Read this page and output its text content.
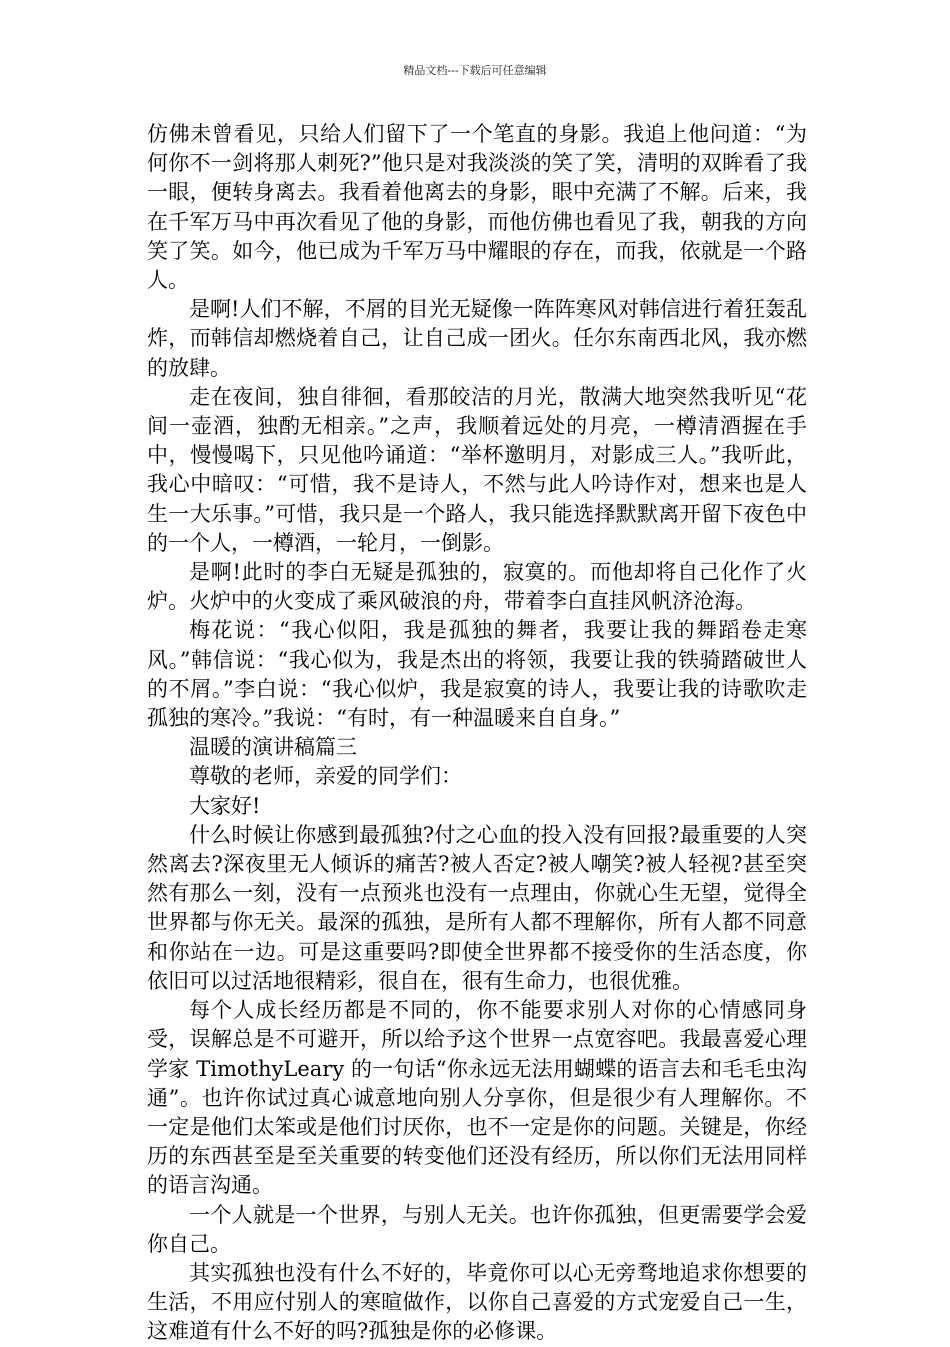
精品文档---下载后可任意编辑

仿佛未曾看见，只给人们留下了一个笔直的身影。我追上他问道：“为何你不一剑将那人刺死?”他只是对我淡淡的笑了笑，清明的双眸看了我一眼，便转身离去。我看着他离去的身影，眼中充满了不解。后来，我在千军万马中再次看见了他的身影，而他仿佛也看见了我，朝我的方向笑了笑。如今，他已成为千军万马中耀眼的存在，而我，依就是一个路人。

是啊!人们不解，不屑的目光无疑像一阵阵寒风对韩信进行着狂轰乱炸，而韩信却燃烧着自己，让自己成一团火。任尔东南西北风，我亦燃的放肆。

走在夜间，独自徘徊，看那皎洁的月光，散满大地突然我听见“花间一壶酒，独酌无相亲。”之声，我顺着远处的月亮，一樽清酒握在手中，慢慢喝下，只见他吟诵道：“举杯邀明月，对影成三人。”我听此，我心中暗叹：“可惜，我不是诗人，不然与此人吟诗作对，想来也是人生一大乐事。”可惜，我只是一个路人，我只能选择默默离开留下夜色中的一个人，一樽酒，一轮月，一倒影。

是啊!此时的李白无疑是孤独的，寂寞的。而他却将自己化作了火炉。火炉中的火变成了乘风破浪的舟，带着李白直挂风帆济沧海。

梅花说：“我心似阳，我是孤独的舞者，我要让我的舞蹈卷走寒风。”韩信说：“我心似为，我是杰出的将领，我要让我的铁骑踏破世人的不屑。”李白说：“我心似炉，我是寂寞的诗人，我要让我的诗歌吹走孤独的寒冷。”我说：“有时，有一种温暖来自自身。”

温暖的演讲稿篇三

尊敬的老师，亲爱的同学们：

大家好!

什么时候让你感到最孤独?付之心血的投入没有回报?最重要的人突然离去?深夜里无人倾诉的痛苦?被人否定?被人嘲笑?被人轻视?甚至突然有那么一刻，没有一点预兆也没有一点理由，你就心生无望，觉得全世界都与你无关。最深的孤独，是所有人都不理解你，所有人都不同意和你站在一边。可是这重要吗?即使全世界都不接受你的生活态度，你依旧可以过活地很精彩，很自在，很有生命力，也很优雅。

每个人成长经历都是不同的，你不能要求别人对你的心情感同身受，误解总是不可避开，所以给予这个世界一点宽容吧。我最喜爱心理学家 TimothyLeary 的一句话“你永远无法用蝴蝶的语言去和毛毛虫沟通”。也许你试过真心诚意地向别人分享你，但是很少有人理解你。不一定是他们太笨或是他们讨厌你，也不一定是你的问题。关键是，你经历的东西甚至是至关重要的转变他们还没有经历，所以你们无法用同样的语言沟通。

一个人就是一个世界，与别人无关。也许你孤独，但更需要学会爱你自己。

其实孤独也没有什么不好的，毕竟你可以心无旁骛地追求你想要的生活，不用应付别人的寒暄做作，以你自己喜爱的方式宠爱自己一生，这难道有什么不好的吗?孤独是你的必修课。
